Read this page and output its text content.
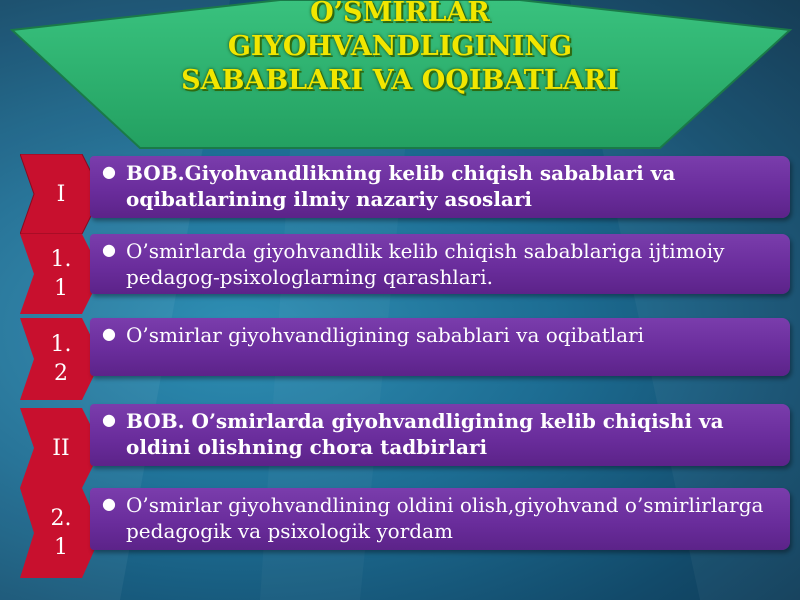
O’SMIRLAR GIYOHVANDLIGINING SABABLARI VA OQIBATLARI
I
● BOB.Giyohvandlikning kelib chiqish sabablari va oqibatlarining ilmiy nazariy asoslari
1.1
● O’smirlarda giyohvandlik kelib chiqish sabablariga ijtimoiy pedagog-psixologlarning qarashlari.
1.2
● O’smirlar giyohvandligining sabablari va oqibatlari
II
● BOB. O’smirlarda giyohvandligining kelib chiqishi va oldini olishning chora tadbirlari
2.1
● O’smirlar giyohvandlining oldini olish,giyohvand o’smirlirlarga pedagogik va psixologik yordam
